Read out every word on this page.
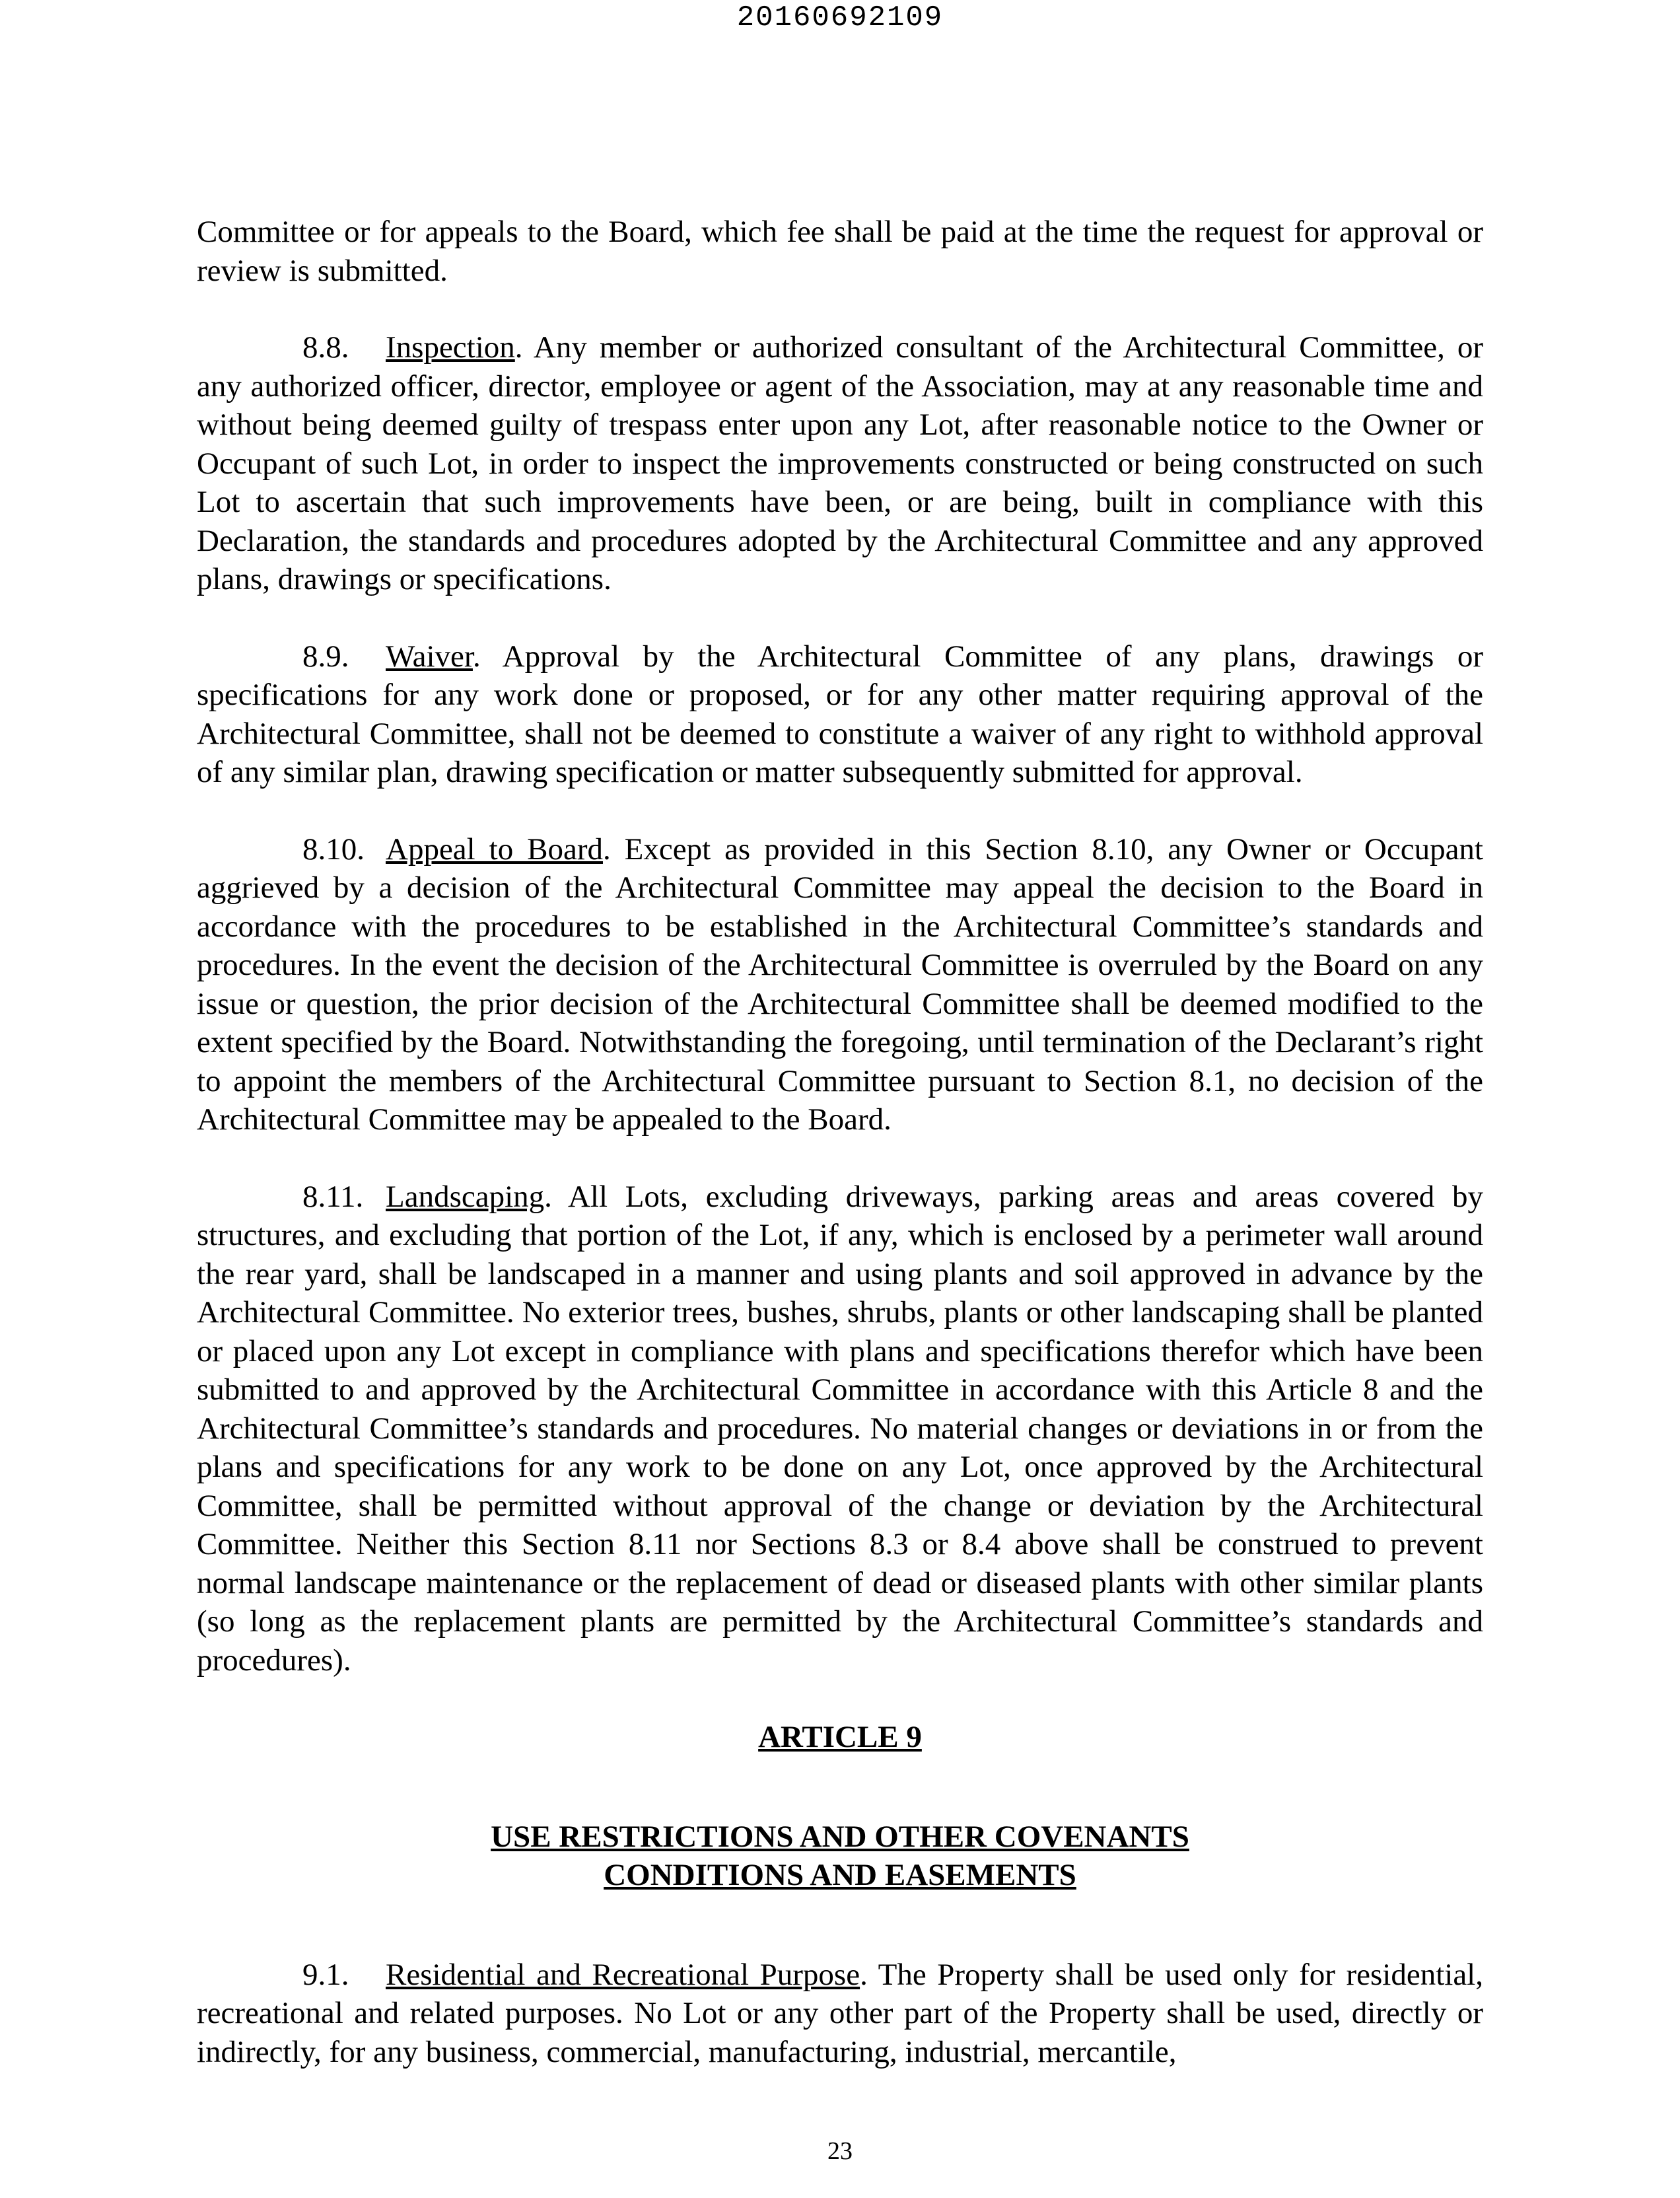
20160692109

Committee or for appeals to the Board, which fee shall be paid at the time the request for approval or review is submitted.

8.8. Inspection. Any member or authorized consultant of the Architectural Committee, or any authorized officer, director, employee or agent of the Association, may at any reasonable time and without being deemed guilty of trespass enter upon any Lot, after reasonable notice to the Owner or Occupant of such Lot, in order to inspect the improvements constructed or being constructed on such Lot to ascertain that such improvements have been, or are being, built in compliance with this Declaration, the standards and procedures adopted by the Architectural Committee and any approved plans, drawings or specifications.

8.9. Waiver. Approval by the Architectural Committee of any plans, drawings or specifications for any work done or proposed, or for any other matter requiring approval of the Architectural Committee, shall not be deemed to constitute a waiver of any right to withhold approval of any similar plan, drawing specification or matter subsequently submitted for approval.

8.10. Appeal to Board. Except as provided in this Section 8.10, any Owner or Occupant aggrieved by a decision of the Architectural Committee may appeal the decision to the Board in accordance with the procedures to be established in the Architectural Committee’s standards and procedures. In the event the decision of the Architectural Committee is overruled by the Board on any issue or question, the prior decision of the Architectural Committee shall be deemed modified to the extent specified by the Board. Notwithstanding the foregoing, until termination of the Declarant’s right to appoint the members of the Architectural Committee pursuant to Section 8.1, no decision of the Architectural Committee may be appealed to the Board.

8.11. Landscaping. All Lots, excluding driveways, parking areas and areas covered by structures, and excluding that portion of the Lot, if any, which is enclosed by a perimeter wall around the rear yard, shall be landscaped in a manner and using plants and soil approved in advance by the Architectural Committee. No exterior trees, bushes, shrubs, plants or other landscaping shall be planted or placed upon any Lot except in compliance with plans and specifications therefor which have been submitted to and approved by the Architectural Committee in accordance with this Article 8 and the Architectural Committee’s standards and procedures. No material changes or deviations in or from the plans and specifications for any work to be done on any Lot, once approved by the Architectural Committee, shall be permitted without approval of the change or deviation by the Architectural Committee. Neither this Section 8.11 nor Sections 8.3 or 8.4 above shall be construed to prevent normal landscape maintenance or the replacement of dead or diseased plants with other similar plants (so long as the replacement plants are permitted by the Architectural Committee’s standards and procedures).

ARTICLE 9

USE RESTRICTIONS AND OTHER COVENANTS

CONDITIONS AND EASEMENTS

9.1. Residential and Recreational Purpose. The Property shall be used only for residential, recreational and related purposes. No Lot or any other part of the Property shall be used, directly or indirectly, for any business, commercial, manufacturing, industrial, mercantile,

23
